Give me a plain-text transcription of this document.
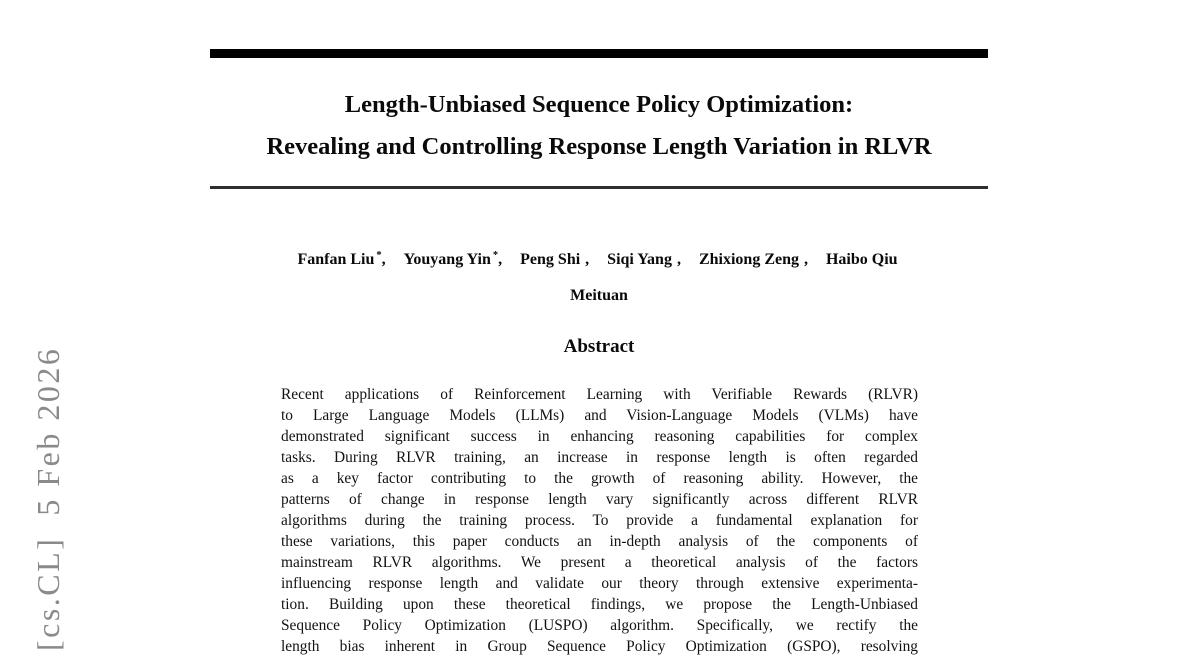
[cs.CL]  5 Feb 2026
Length-Unbiased Sequence Policy Optimization:
Revealing and Controlling Response Length Variation in RLVR
Fanfan Liu *, Youyang Yin *, Peng Shi , Siqi Yang , Zhixiong Zeng , Haibo Qiu
Meituan
Abstract
Recent applications of Reinforcement Learning with Verifiable Rewards (RLVR)
to Large Language Models (LLMs) and Vision-Language Models (VLMs) have
demonstrated significant success in enhancing reasoning capabilities for complex
tasks. During RLVR training, an increase in response length is often regarded
as a key factor contributing to the growth of reasoning ability. However, the
patterns of change in response length vary significantly across different RLVR
algorithms during the training process. To provide a fundamental explanation for
these variations, this paper conducts an in-depth analysis of the components of
mainstream RLVR algorithms. We present a theoretical analysis of the factors
influencing response length and validate our theory through extensive experimenta-
tion. Building upon these theoretical findings, we propose the Length-Unbiased
Sequence Policy Optimization (LUSPO) algorithm. Specifically, we rectify the
length bias inherent in Group Sequence Policy Optimization (GSPO), resolving
